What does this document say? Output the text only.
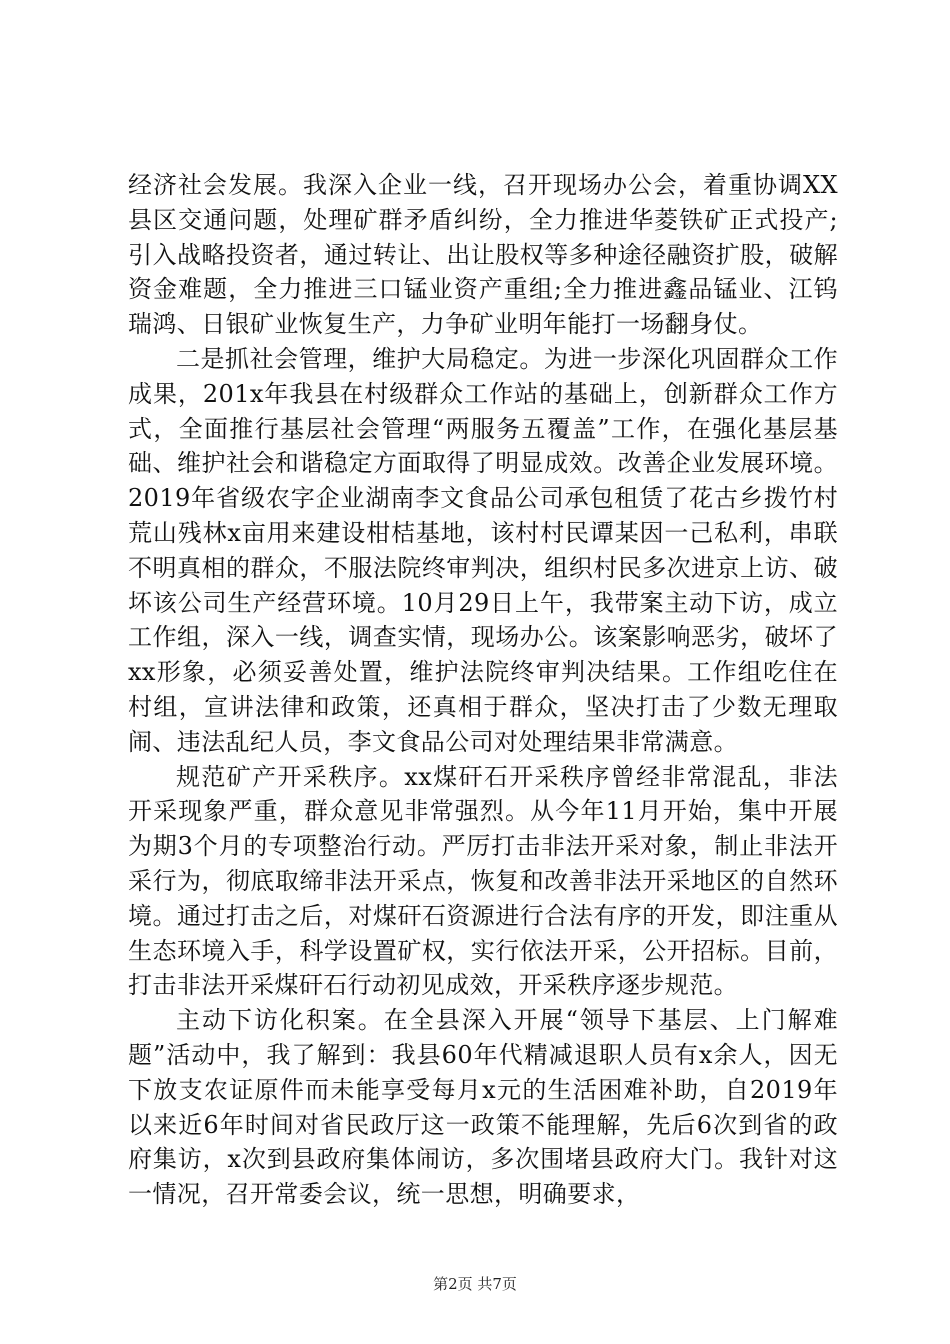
经济社会发展。我深入企业一线，召开现场办公会，着重协调XX县区交通问题，处理矿群矛盾纠纷，全力推进华菱铁矿正式投产;引入战略投资者，通过转让、出让股权等多种途径融资扩股，破解资金难题，全力推进三口锰业资产重组;全力推进鑫品锰业、江钨瑞鸿、日银矿业恢复生产，力争矿业明年能打一场翻身仗。

二是抓社会管理，维护大局稳定。为进一步深化巩固群众工作成果，201x年我县在村级群众工作站的基础上，创新群众工作方式，全面推行基层社会管理“两服务五覆盖”工作，在强化基层基础、维护社会和谐稳定方面取得了明显成效。改善企业发展环境。2019年省级农字企业湖南李文食品公司承包租赁了花古乡拨竹村荒山残林x亩用来建设柑桔基地，该村村民谭某因一己私利，串联不明真相的群众，不服法院终审判决，组织村民多次进京上访、破坏该公司生产经营环境。10月29日上午，我带案主动下访，成立工作组，深入一线，调查实情，现场办公。该案影响恶劣，破坏了xx形象，必须妥善处置，维护法院终审判决结果。工作组吃住在村组，宣讲法律和政策，还真相于群众，坚决打击了少数无理取闹、违法乱纪人员，李文食品公司对处理结果非常满意。

规范矿产开采秩序。xx煤矸石开采秩序曾经非常混乱，非法开采现象严重，群众意见非常强烈。从今年11月开始，集中开展为期3个月的专项整治行动。严厉打击非法开采对象，制止非法开采行为，彻底取缔非法开采点，恢复和改善非法开采地区的自然环境。通过打击之后，对煤矸石资源进行合法有序的开发，即注重从生态环境入手，科学设置矿权，实行依法开采，公开招标。目前，打击非法开采煤矸石行动初见成效，开采秩序逐步规范。

主动下访化积案。在全县深入开展“领导下基层、上门解难题”活动中，我了解到：我县60年代精减退职人员有x余人，因无下放支农证原件而未能享受每月x元的生活困难补助，自2019年以来近6年时间对省民政厅这一政策不能理解，先后6次到省的政府集访，x次到县政府集体闹访，多次围堵县政府大门。我针对这一情况，召开常委会议，统一思想，明确要求，

第2页 共7页
